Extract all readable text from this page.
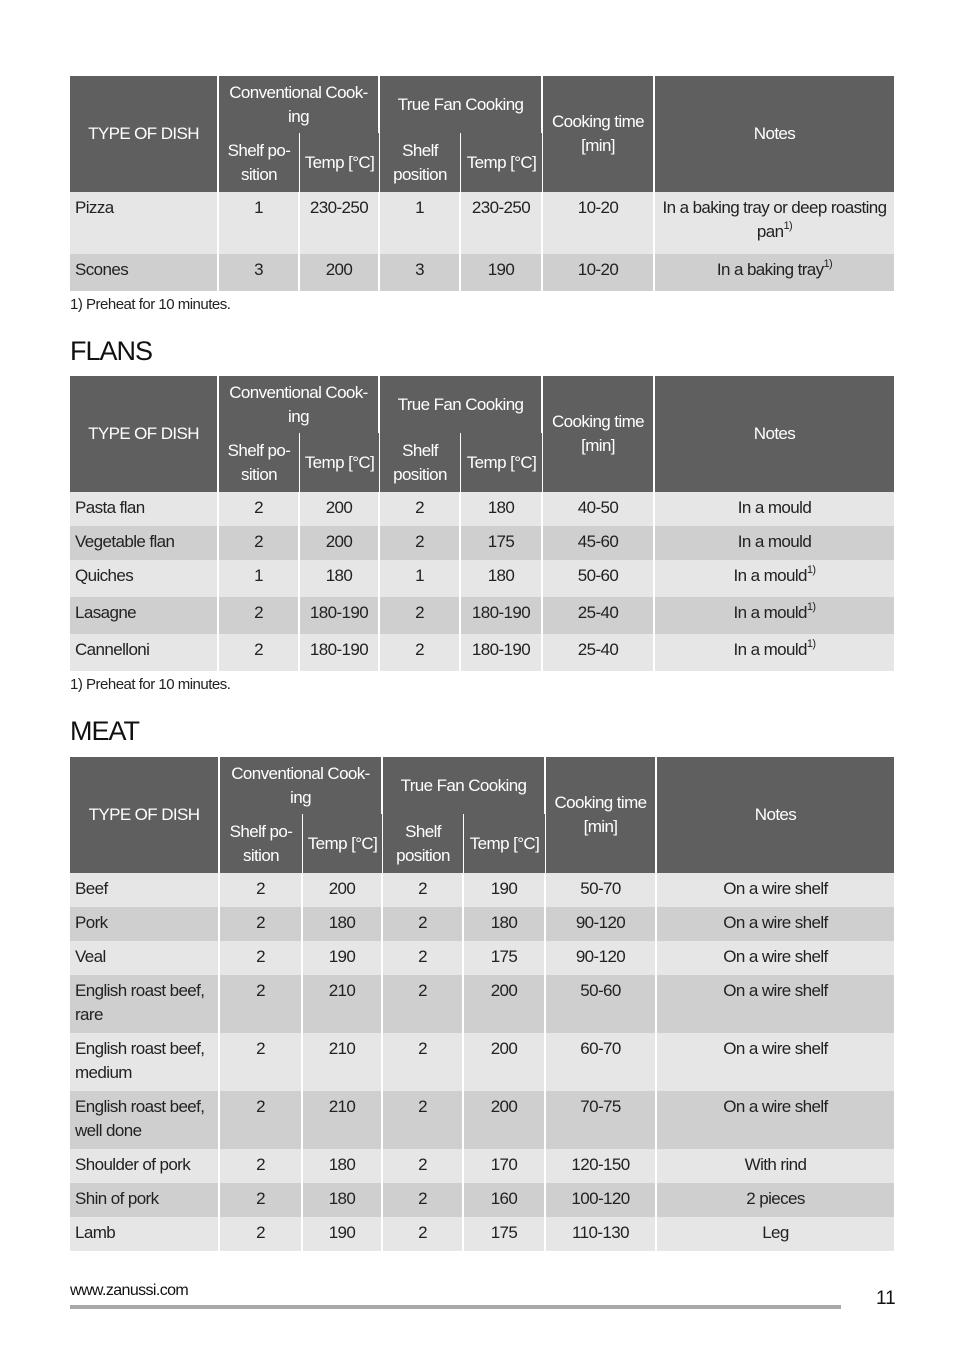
TYPE OF DISH	Conventional Cook-ing		True Fan Cooking		Cooking time [min]	Notes
	Shelf po-sition	Temp [°C]	Shelf position	Temp [°C]		
Pizza	1	230-250	1	230-250	10-20	In a baking tray or deep roasting pan$^{1)}$
Scones	3	200	3	190	10-20	In a baking tray$^{1)}$
1) Preheat for 10 minutes.
FLANS
TYPE OF DISH	Conventional Cook-ing		True Fan Cooking		Cooking time [min]	Notes
	Shelf po-sition	Temp [°C]	Shelf position	Temp [°C]		
Pasta flan	2	200	2	180	40-50	In a mould
Vegetable flan	2	200	2	175	45-60	In a mould
Quiches	1	180	1	180	50-60	In a mould$^{1)}$
Lasagne	2	180-190	2	180-190	25-40	In a mould$^{1)}$
Cannelloni	2	180-190	2	180-190	25-40	In a mould$^{1)}$
1) Preheat for 10 minutes.
MEAT
TYPE OF DISH	Conventional Cook-ing		True Fan Cooking		Cooking time [min]	Notes
	Shelf po-sition	Temp [°C]	Shelf position	Temp [°C]		
Beef	2	200	2	190	50-70	On a wire shelf
Pork	2	180	2	180	90-120	On a wire shelf
Veal	2	190	2	175	90-120	On a wire shelf
English roast beef, rare	2	210	2	200	50-60	On a wire shelf
English roast beef, medium	2	210	2	200	60-70	On a wire shelf
English roast beef, well done	2	210	2	200	70-75	On a wire shelf
Shoulder of pork	2	180	2	170	120-150	With rind
Shin of pork	2	180	2	160	100-120	2 pieces
Lamb	2	190	2	175	110-130	Leg
www.zanussi.com	11
